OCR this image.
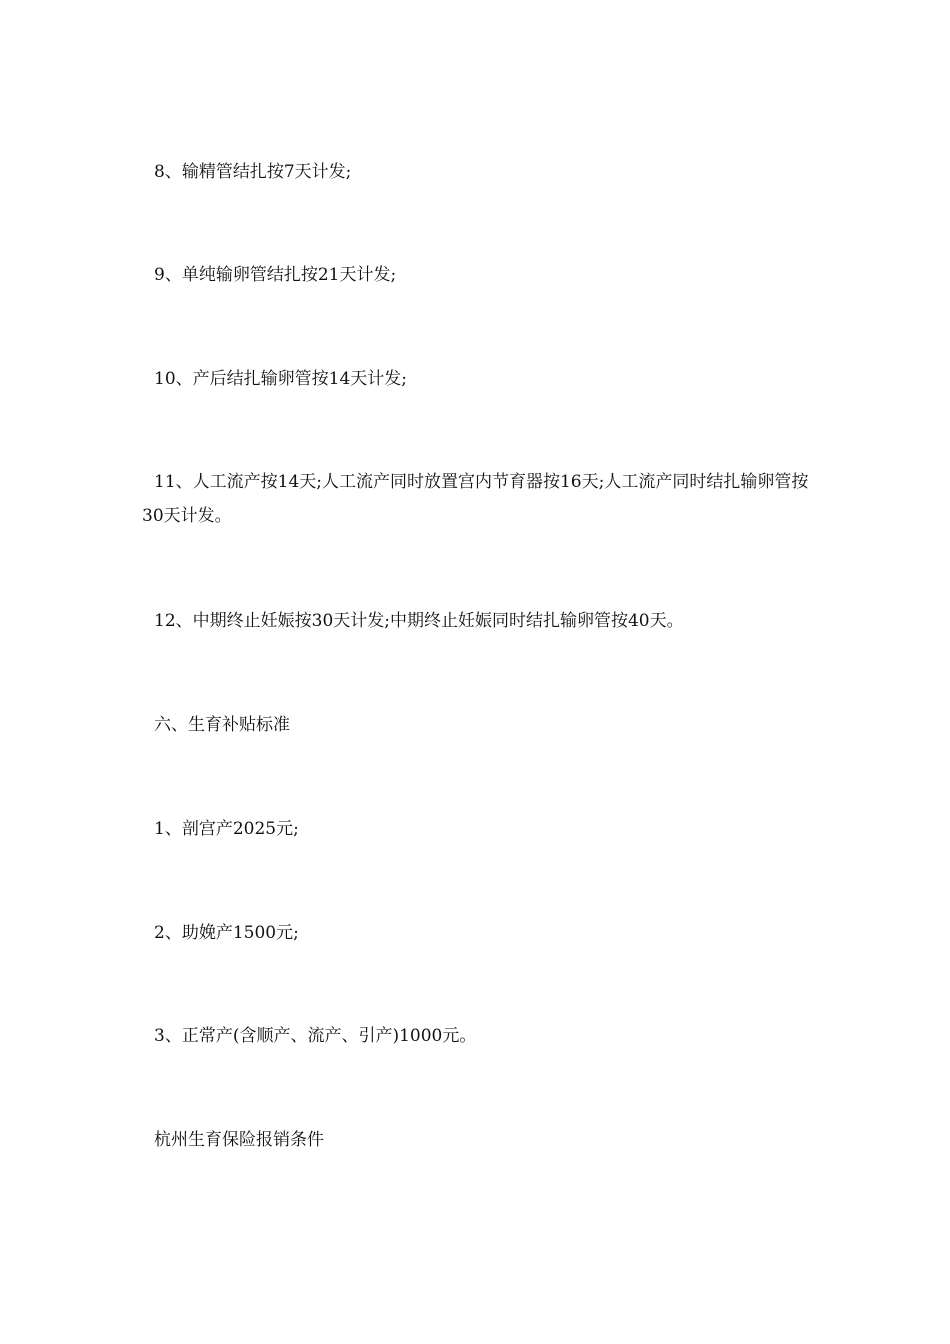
8、输精管结扎按7天计发;

9、单纯输卵管结扎按21天计发;

10、产后结扎输卵管按14天计发;

11、人工流产按14天;人工流产同时放置宫内节育器按16天;人工流产同时结扎输卵管按30天计发。

12、中期终止妊娠按30天计发;中期终止妊娠同时结扎输卵管按40天。

六、生育补贴标准

1、剖宫产2025元;

2、助娩产1500元;

3、正常产(含顺产、流产、引产)1000元。

杭州生育保险报销条件
